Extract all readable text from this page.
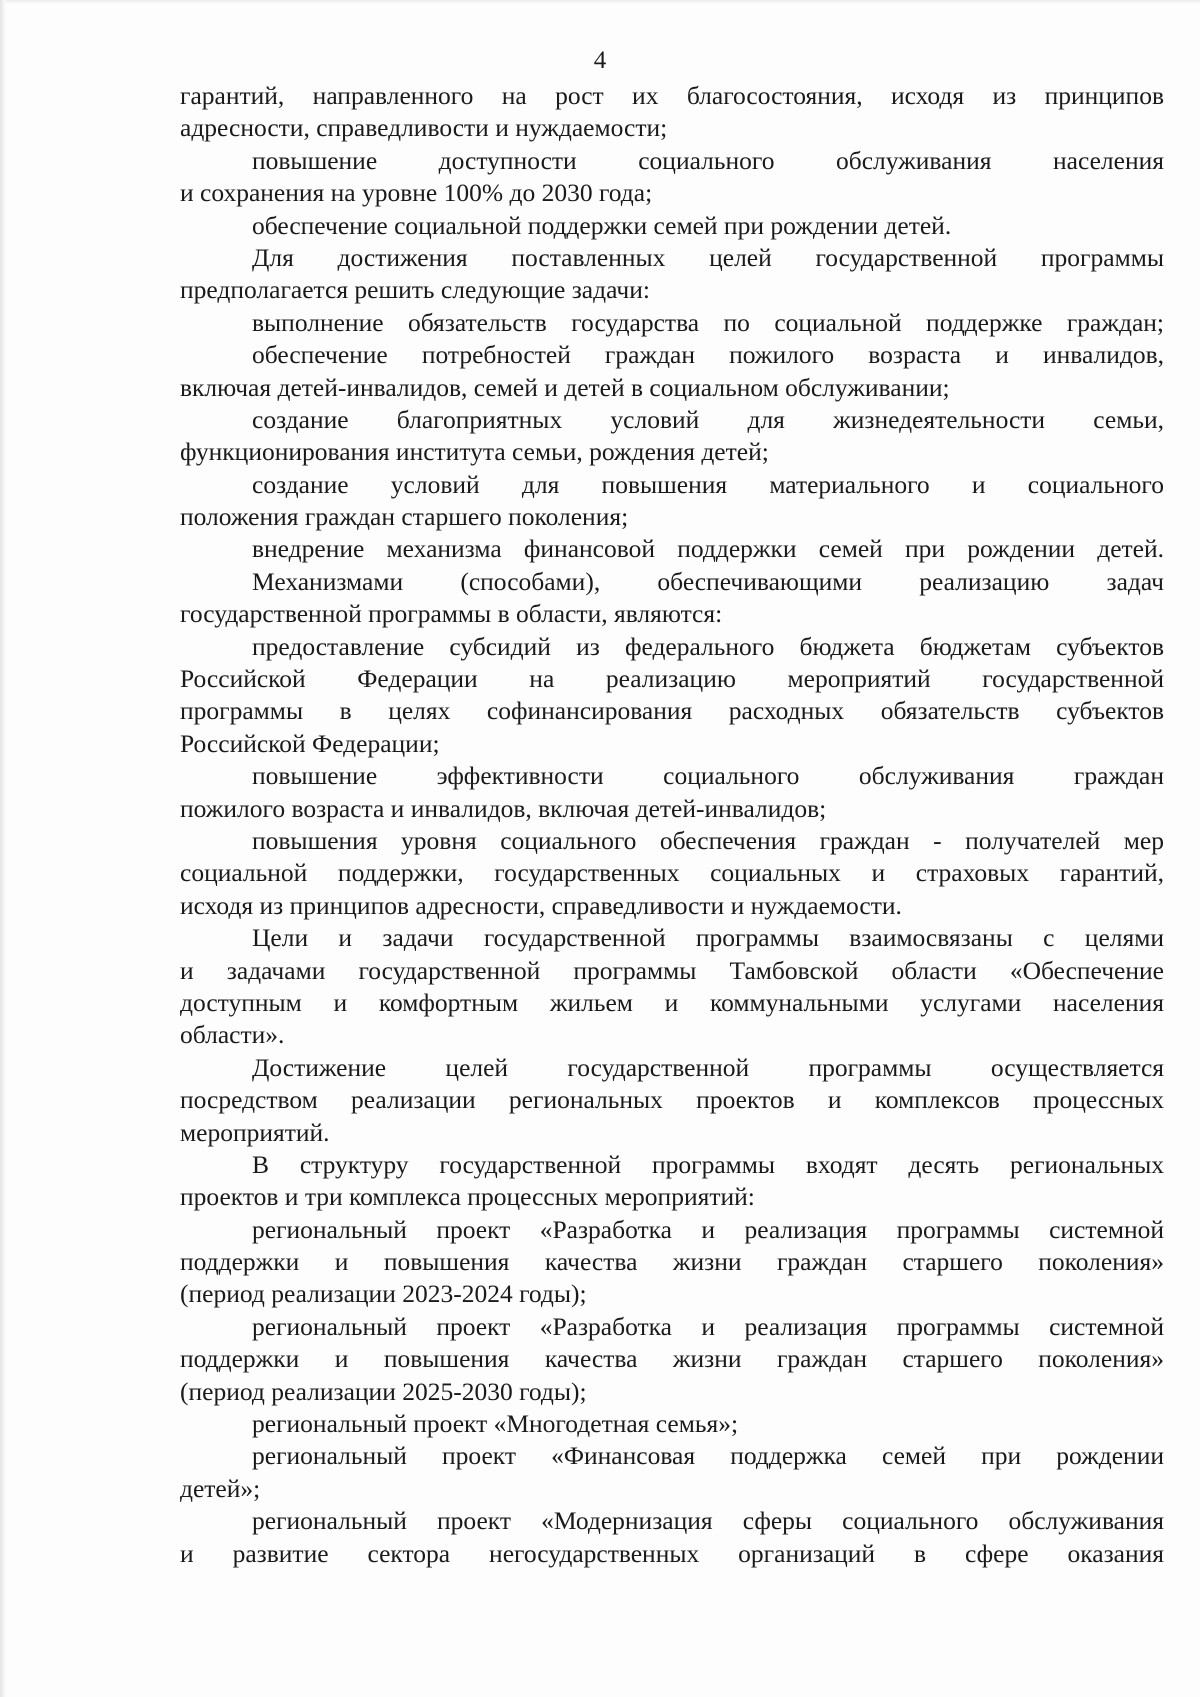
4
гарантий, направленного на рост их благосостояния, исходя из принципов
адресности, справедливости и нуждаемости;
повышение доступности социального обслуживания населения
и сохранения на уровне 100% до 2030 года;
обеспечение социальной поддержки семей при рождении детей.
Для достижения поставленных целей государственной программы
предполагается решить следующие задачи:
выполнение обязательств государства по социальной поддержке граждан;
обеспечение потребностей граждан пожилого возраста и инвалидов,
включая детей-инвалидов, семей и детей в социальном обслуживании;
создание благоприятных условий для жизнедеятельности семьи,
функционирования института семьи, рождения детей;
создание условий для повышения материального и социального
положения граждан старшего поколения;
внедрение механизма финансовой поддержки семей при рождении детей.
Механизмами (способами), обеспечивающими реализацию задач
государственной программы в области, являются:
предоставление субсидий из федерального бюджета бюджетам субъектов
Российской Федерации на реализацию мероприятий государственной
программы в целях софинансирования расходных обязательств субъектов
Российской Федерации;
повышение эффективности социального обслуживания граждан
пожилого возраста и инвалидов, включая детей-инвалидов;
повышения уровня социального обеспечения граждан - получателей мер
социальной поддержки, государственных социальных и страховых гарантий,
исходя из принципов адресности, справедливости и нуждаемости.
Цели и задачи государственной программы взаимосвязаны с целями
и задачами государственной программы Тамбовской области «Обеспечение
доступным и комфортным жильем и коммунальными услугами населения
области».
Достижение целей государственной программы осуществляется
посредством реализации региональных проектов и комплексов процессных
мероприятий.
В структуру государственной программы входят десять региональных
проектов и три комплекса процессных мероприятий:
региональный проект «Разработка и реализация программы системной
поддержки и повышения качества жизни граждан старшего поколения»
(период реализации 2023-2024 годы);
региональный проект «Разработка и реализация программы системной
поддержки и повышения качества жизни граждан старшего поколения»
(период реализации 2025-2030 годы);
региональный проект «Многодетная семья»;
региональный проект «Финансовая поддержка семей при рождении
детей»;
региональный проект «Модернизация сферы социального обслуживания
и развитие сектора негосударственных организаций в сфере оказания
